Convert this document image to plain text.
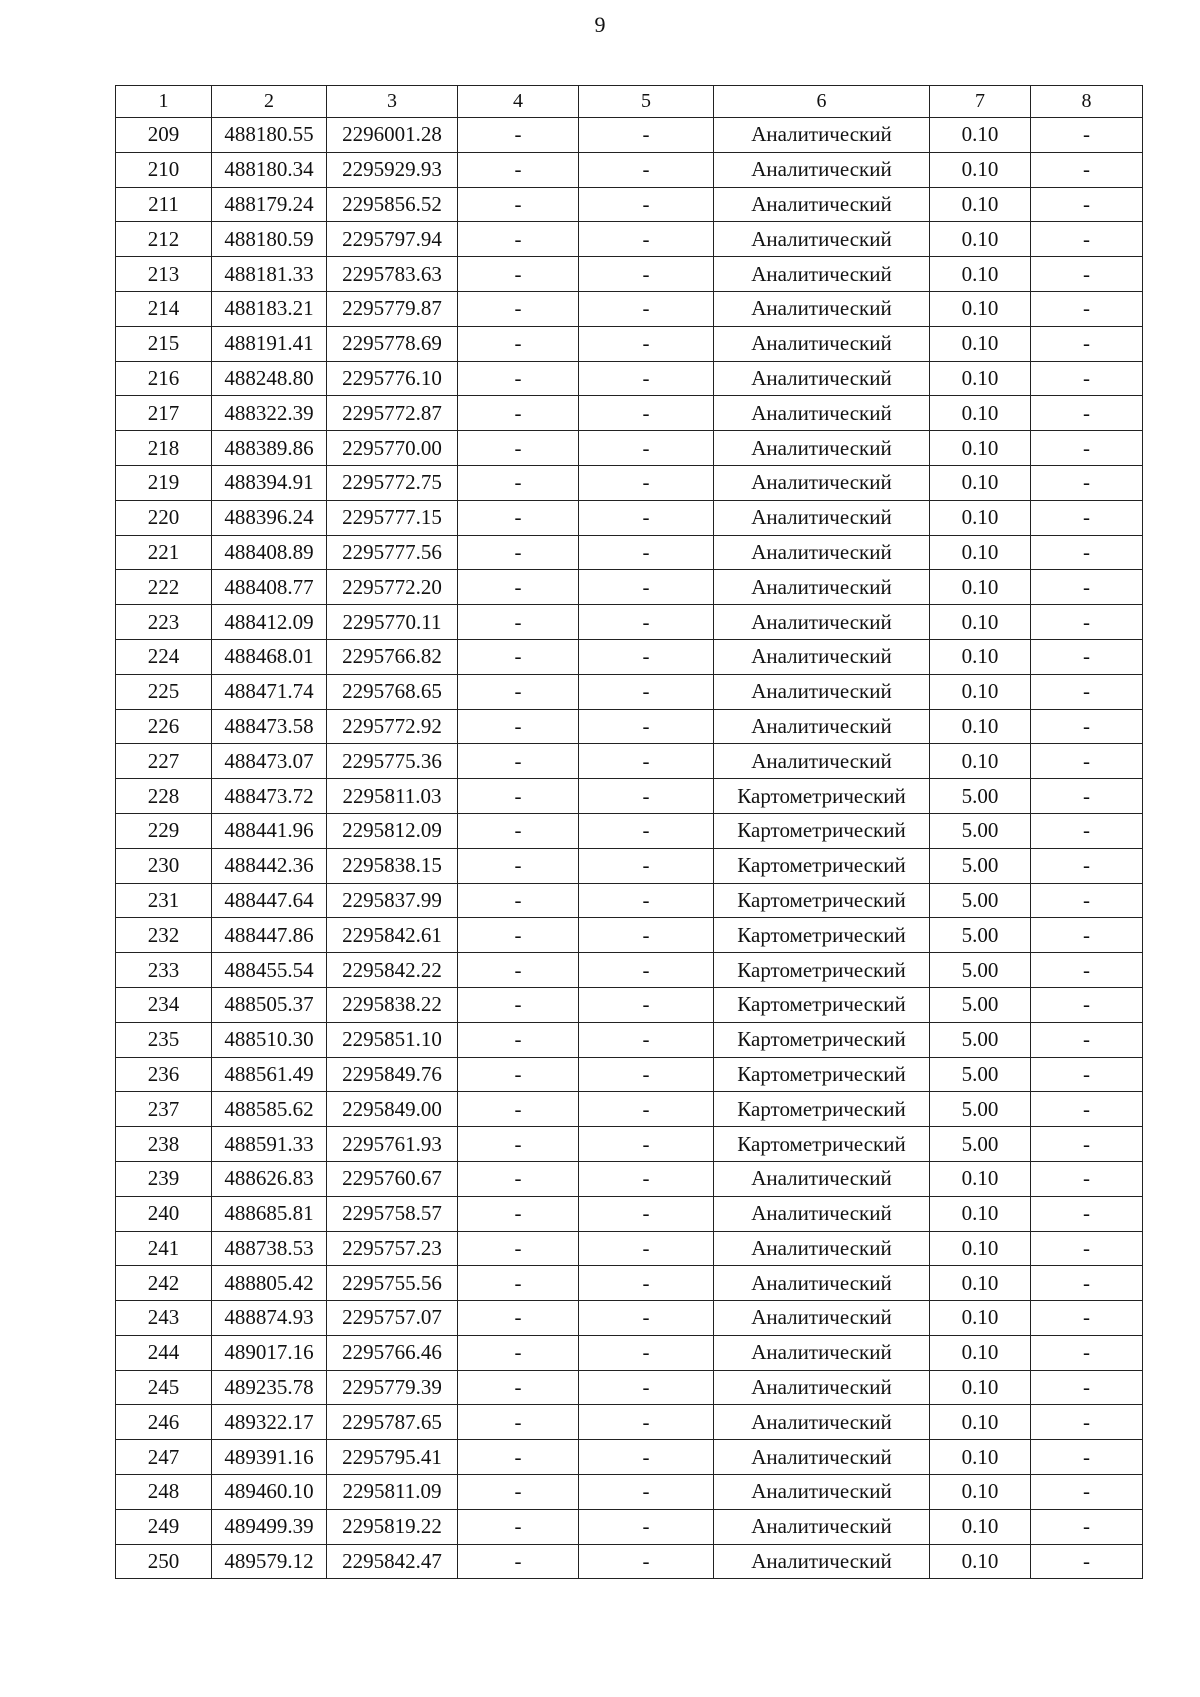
9
1	2	3	4	5	6	7	8
209	488180.55	2296001.28	-	-	Аналитический	0.10	-
210	488180.34	2295929.93	-	-	Аналитический	0.10	-
211	488179.24	2295856.52	-	-	Аналитический	0.10	-
212	488180.59	2295797.94	-	-	Аналитический	0.10	-
213	488181.33	2295783.63	-	-	Аналитический	0.10	-
214	488183.21	2295779.87	-	-	Аналитический	0.10	-
215	488191.41	2295778.69	-	-	Аналитический	0.10	-
216	488248.80	2295776.10	-	-	Аналитический	0.10	-
217	488322.39	2295772.87	-	-	Аналитический	0.10	-
218	488389.86	2295770.00	-	-	Аналитический	0.10	-
219	488394.91	2295772.75	-	-	Аналитический	0.10	-
220	488396.24	2295777.15	-	-	Аналитический	0.10	-
221	488408.89	2295777.56	-	-	Аналитический	0.10	-
222	488408.77	2295772.20	-	-	Аналитический	0.10	-
223	488412.09	2295770.11	-	-	Аналитический	0.10	-
224	488468.01	2295766.82	-	-	Аналитический	0.10	-
225	488471.74	2295768.65	-	-	Аналитический	0.10	-
226	488473.58	2295772.92	-	-	Аналитический	0.10	-
227	488473.07	2295775.36	-	-	Аналитический	0.10	-
228	488473.72	2295811.03	-	-	Картометрический	5.00	-
229	488441.96	2295812.09	-	-	Картометрический	5.00	-
230	488442.36	2295838.15	-	-	Картометрический	5.00	-
231	488447.64	2295837.99	-	-	Картометрический	5.00	-
232	488447.86	2295842.61	-	-	Картометрический	5.00	-
233	488455.54	2295842.22	-	-	Картометрический	5.00	-
234	488505.37	2295838.22	-	-	Картометрический	5.00	-
235	488510.30	2295851.10	-	-	Картометрический	5.00	-
236	488561.49	2295849.76	-	-	Картометрический	5.00	-
237	488585.62	2295849.00	-	-	Картометрический	5.00	-
238	488591.33	2295761.93	-	-	Картометрический	5.00	-
239	488626.83	2295760.67	-	-	Аналитический	0.10	-
240	488685.81	2295758.57	-	-	Аналитический	0.10	-
241	488738.53	2295757.23	-	-	Аналитический	0.10	-
242	488805.42	2295755.56	-	-	Аналитический	0.10	-
243	488874.93	2295757.07	-	-	Аналитический	0.10	-
244	489017.16	2295766.46	-	-	Аналитический	0.10	-
245	489235.78	2295779.39	-	-	Аналитический	0.10	-
246	489322.17	2295787.65	-	-	Аналитический	0.10	-
247	489391.16	2295795.41	-	-	Аналитический	0.10	-
248	489460.10	2295811.09	-	-	Аналитический	0.10	-
249	489499.39	2295819.22	-	-	Аналитический	0.10	-
250	489579.12	2295842.47	-	-	Аналитический	0.10	-
